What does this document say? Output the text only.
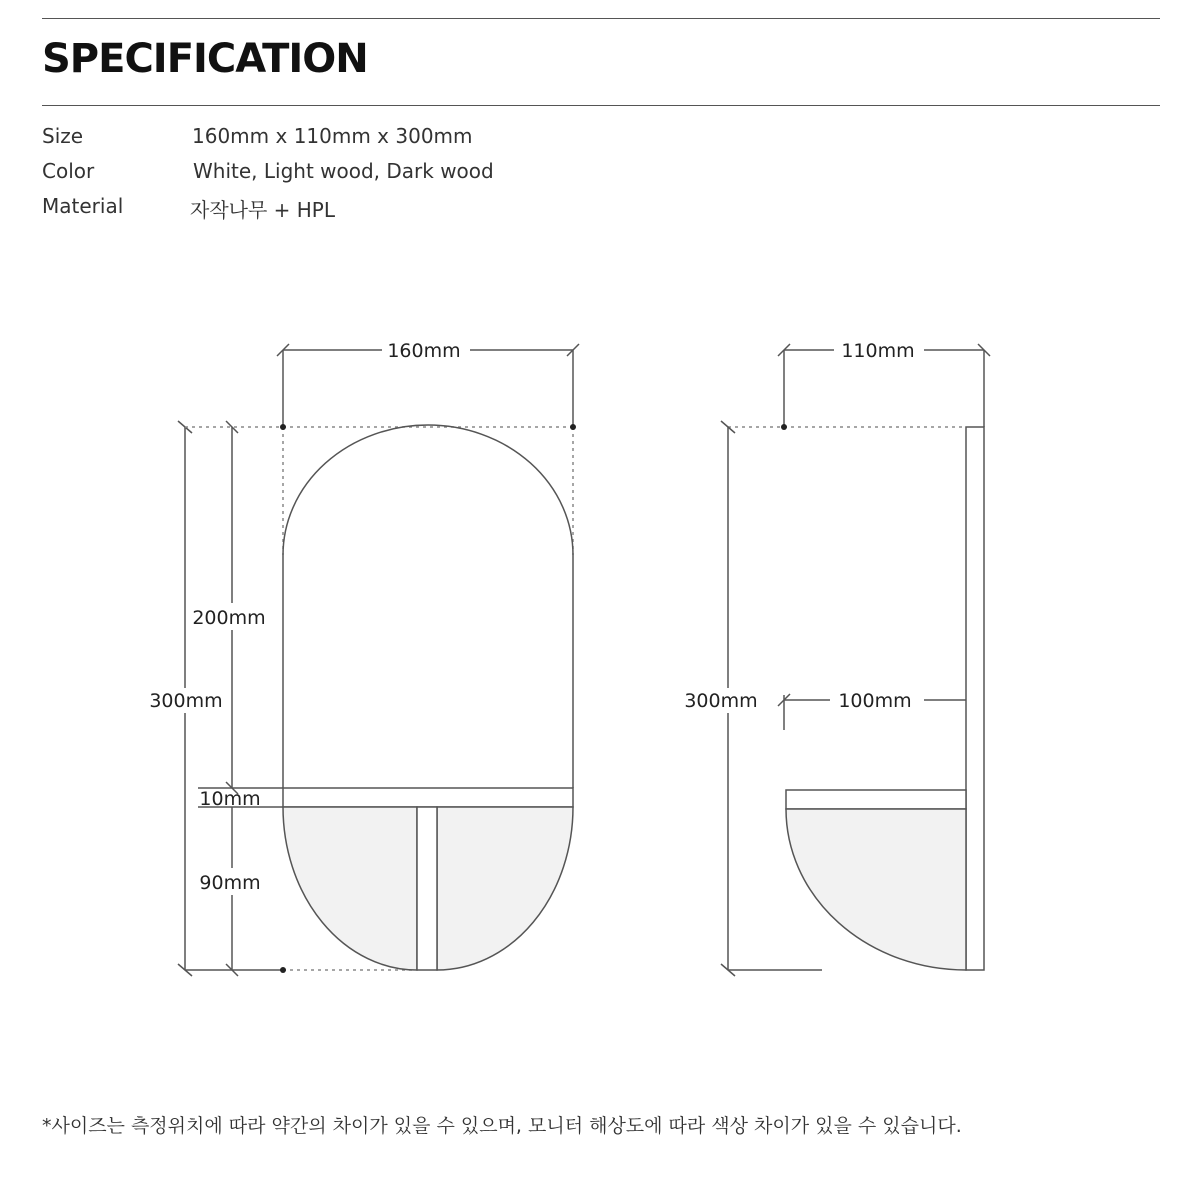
SPECIFICATION
Size	160mm x 110mm x 300mm
Color	White, Light wood, Dark wood
Material	자작나무 + HPL
160mm
300mm
200mm
10mm
90mm
110mm
300mm	100mm
*사이즈는 측정위치에 따라 약간의 차이가 있을 수 있으며, 모니터 해상도에 따라 색상 차이가 있을 수 있습니다.
